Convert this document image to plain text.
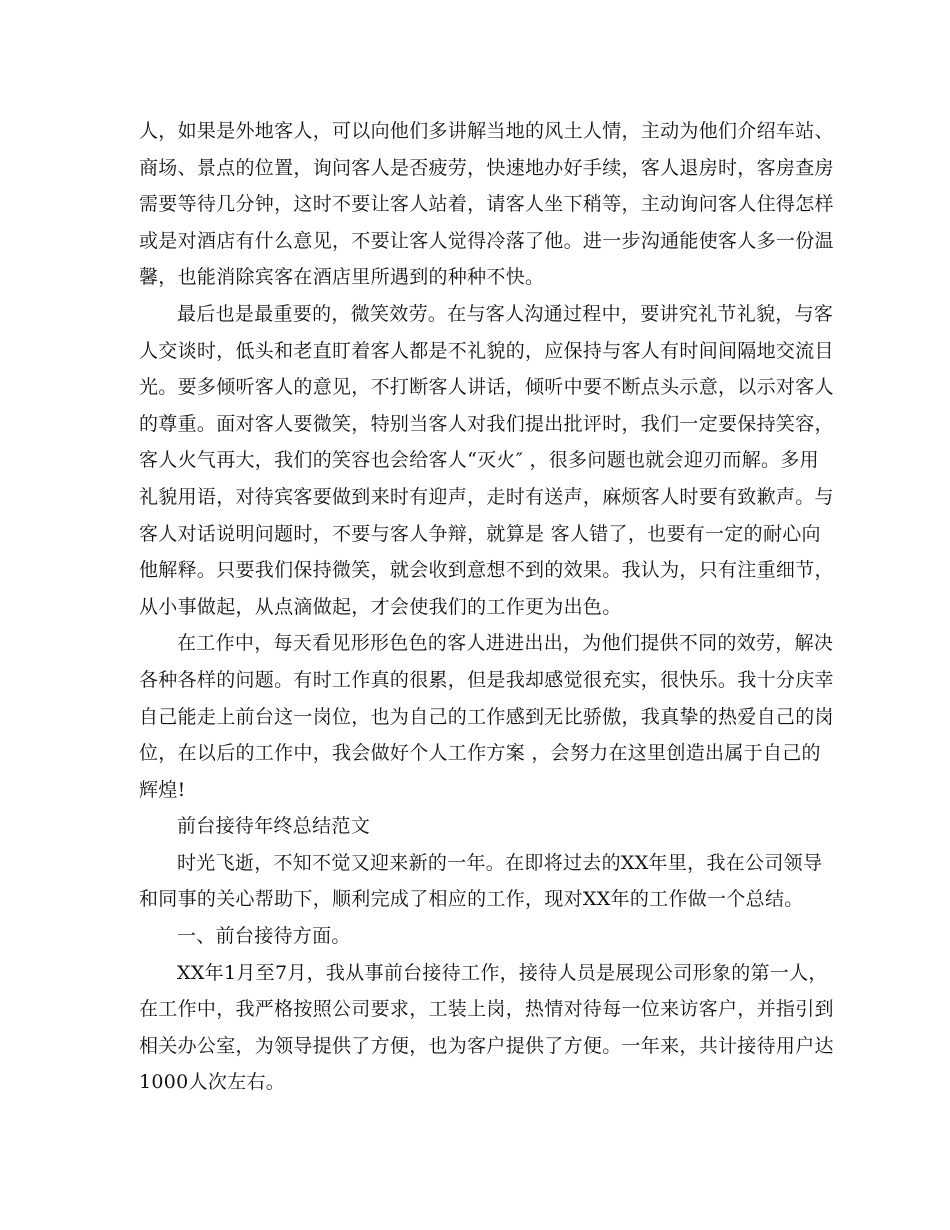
人，如果是外地客人，可以向他们多讲解当地的风土人情，主动为他们介绍车站、
商场、景点的位置，询问客人是否疲劳，快速地办好手续，客人退房时，客房查房
需要等待几分钟，这时不要让客人站着，请客人坐下稍等，主动询问客人住得怎样
或是对酒店有什么意见，不要让客人觉得冷落了他。进一步沟通能使客人多一份温
馨，也能消除宾客在酒店里所遇到的种种不快。
最后也是最重要的，微笑效劳。在与客人沟通过程中，要讲究礼节礼貌，与客
人交谈时，低头和老直盯着客人都是不礼貌的，应保持与客人有时间间隔地交流目
光。要多倾听客人的意见，不打断客人讲话，倾听中要不断点头示意，以示对客人
的尊重。面对客人要微笑，特别当客人对我们提出批评时，我们一定要保持笑容，
客人火气再大，我们的笑容也会给客人“灭火″ ，很多问题也就会迎刃而解。多用
礼貌用语，对待宾客要做到来时有迎声，走时有送声，麻烦客人时要有致歉声。与
客人对话说明问题时，不要与客人争辩，就算是 客人错了，也要有一定的耐心向
他解释。只要我们保持微笑，就会收到意想不到的效果。我认为，只有注重细节，
从小事做起，从点滴做起，才会使我们的工作更为出色。
在工作中，每天看见形形色色的客人进进出出，为他们提供不同的效劳，解决
各种各样的问题。有时工作真的很累，但是我却感觉很充实，很快乐。我十分庆幸
自己能走上前台这一岗位，也为自己的工作感到无比骄傲，我真挚的热爱自己的岗
位，在以后的工作中，我会做好个人工作方案 ，会努力在这里创造出属于自己的
辉煌!
前台接待年终总结范文
时光飞逝，不知不觉又迎来新的一年。在即将过去的XX年里，我在公司领导
和同事的关心帮助下，顺利完成了相应的工作，现对XX年的工作做一个总结。
一、前台接待方面。
XX年1月至7月，我从事前台接待工作，接待人员是展现公司形象的第一人，
在工作中，我严格按照公司要求，工装上岗，热情对待每一位来访客户，并指引到
相关办公室，为领导提供了方便，也为客户提供了方便。一年来，共计接待用户达
1000人次左右。
